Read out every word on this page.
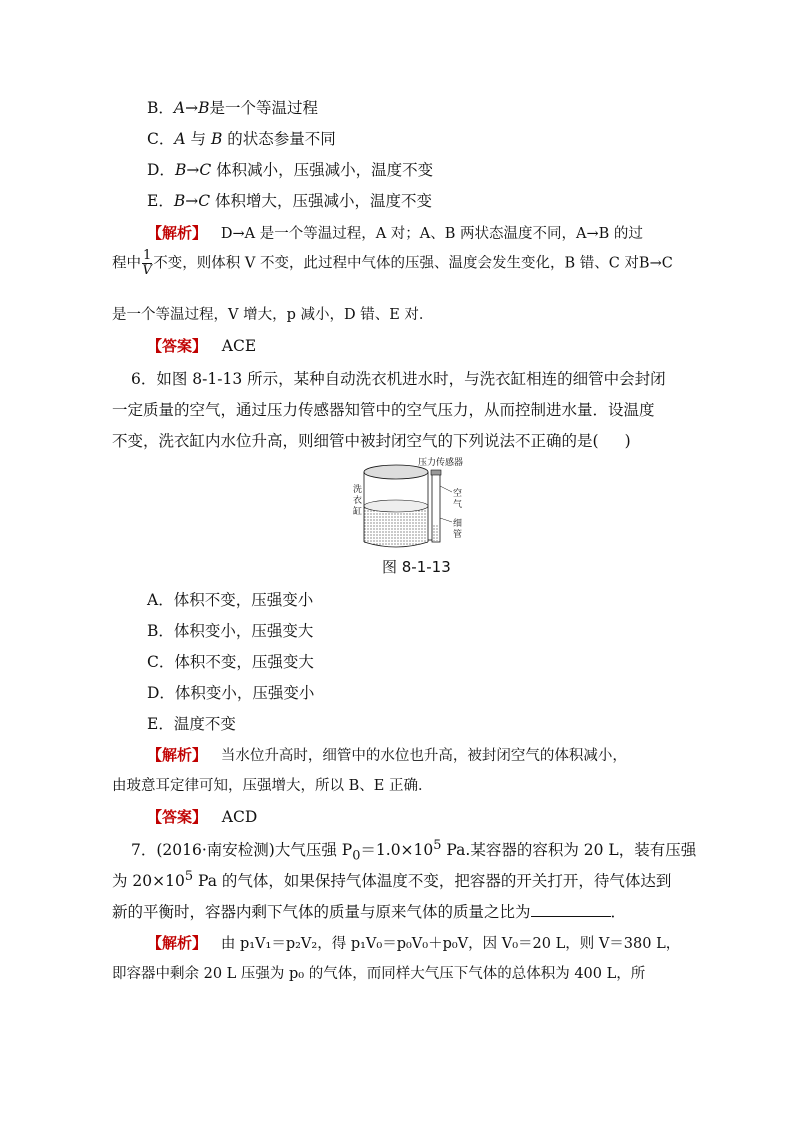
B．A→B是一个等温过程
C．A 与 B 的状态参量不同
D．B→C 体积减小，压强减小，温度不变
E．B→C 体积增大，压强减小，温度不变
【解析】 D→A 是一个等温过程，A 对；A、B 两状态温度不同，A→B 的过
程中 $\frac{1}{V}$ 不变，则体积 V 不变，此过程中气体的压强、温度会发生变化，B 错、C 对B→C
是一个等温过程，V 增大，p 减小，D 错、E 对．
【答案】 ACE
6．如图 8-1-13 所示，某种自动洗衣机进水时，与洗衣缸相连的细管中会封闭
一定质量的空气，通过压力传感器知管中的空气压力，从而控制进水量．设温度
不变，洗衣缸内水位升高，则细管中被封闭空气的下列说法不正确的是( )
压力传感器
洗
衣
缸
空
气
细
管
图 8-1-13
A．体积不变，压强变小
B．体积变小，压强变大
C．体积不变，压强变大
D．体积变小，压强变小
E．温度不变
【解析】 当水位升高时，细管中的水位也升高，被封闭空气的体积减小，
由玻意耳定律可知，压强增大，所以 B、E 正确．
【答案】 ACD
7．(2016·南安检测)大气压强 $P_0=1.0\times 10^5$ Pa.某容器的容积为 20 L，装有压强
为 $20\times 10^5$ Pa 的气体，如果保持气体温度不变，把容器的开关打开，待气体达到
新的平衡时，容器内剩下气体的质量与原来气体的质量之比为	．
【解析】 由 p₁V₁＝p₂V₂，得 p₁V₀＝p₀V₀＋p₀V，因 V₀＝20 L，则 V＝380 L，
即容器中剩余 20 L 压强为 p₀ 的气体，而同样大气压下气体的总体积为 400 L，所
